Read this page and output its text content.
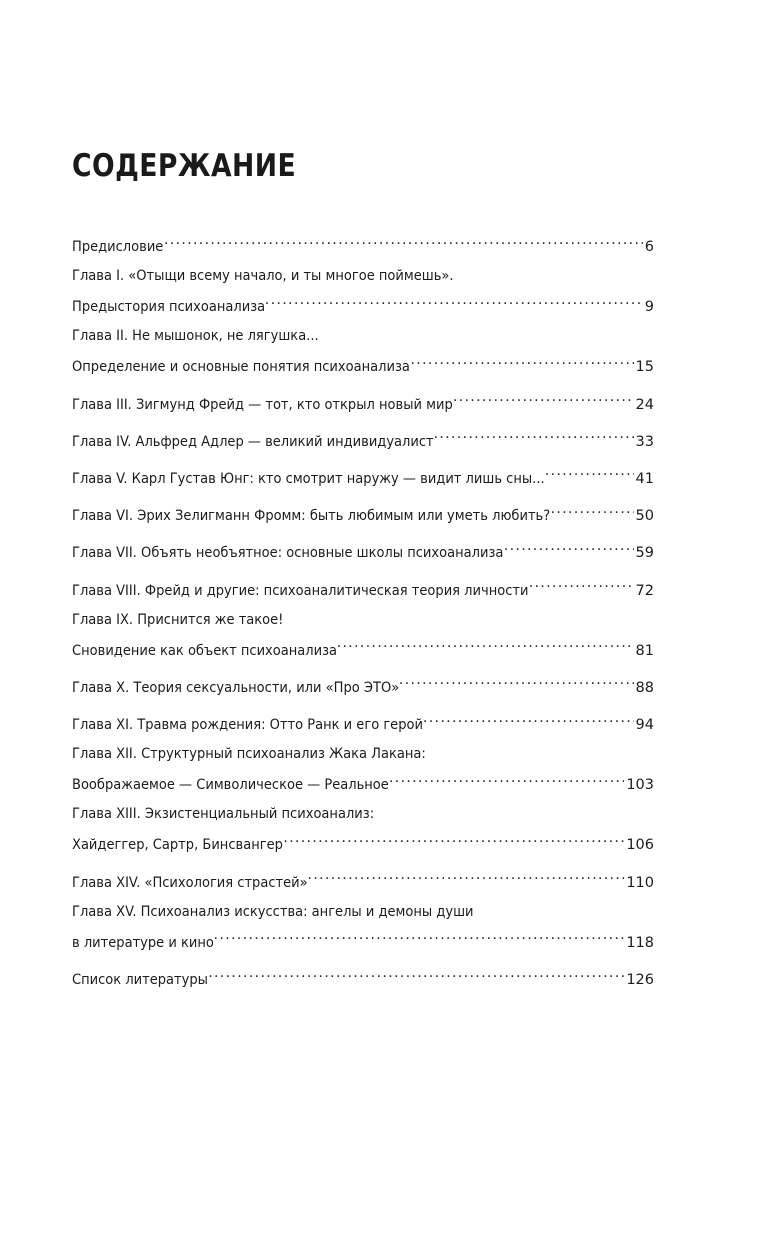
СОДЕРЖАНИЕ
Предисловие .....	6
Глава I. «Отыщи всему начало, и ты многое поймешь».
Предыстория психоанализа .....	9
Глава II. Не мышонок, не лягушка...
Определение и основные понятия психоанализа .....	15
Глава III. Зигмунд Фрейд — тот, кто открыл новый мир .....	24
Глава IV. Альфред Адлер — великий индивидуалист .....	33
Глава V. Карл Густав Юнг: кто смотрит наружу — видит лишь сны... .....	41
Глава VI. Эрих Зелигманн Фромм: быть любимым или уметь любить? .....	50
Глава VII. Объять необъятное: основные школы психоанализа .....	59
Глава VIII. Фрейд и другие: психоаналитическая теория личности .....	72
Глава IX. Приснится же такое!
Сновидение как объект психоанализа .....	81
Глава X. Теория сексуальности, или «Про ЭТО» .....	88
Глава XI. Травма рождения: Отто Ранк и его герой .....	94
Глава XII. Структурный психоанализ Жака Лакана:
Воображаемое — Символическое — Реальное .....	103
Глава XIII. Экзистенциальный психоанализ:
Хайдеггер, Сартр, Бинсвангер .....	106
Глава XIV. «Психология страстей» .....	110
Глава XV. Психоанализ искусства: ангелы и демоны души
в литературе и кино .....	118
Список литературы .....	126
